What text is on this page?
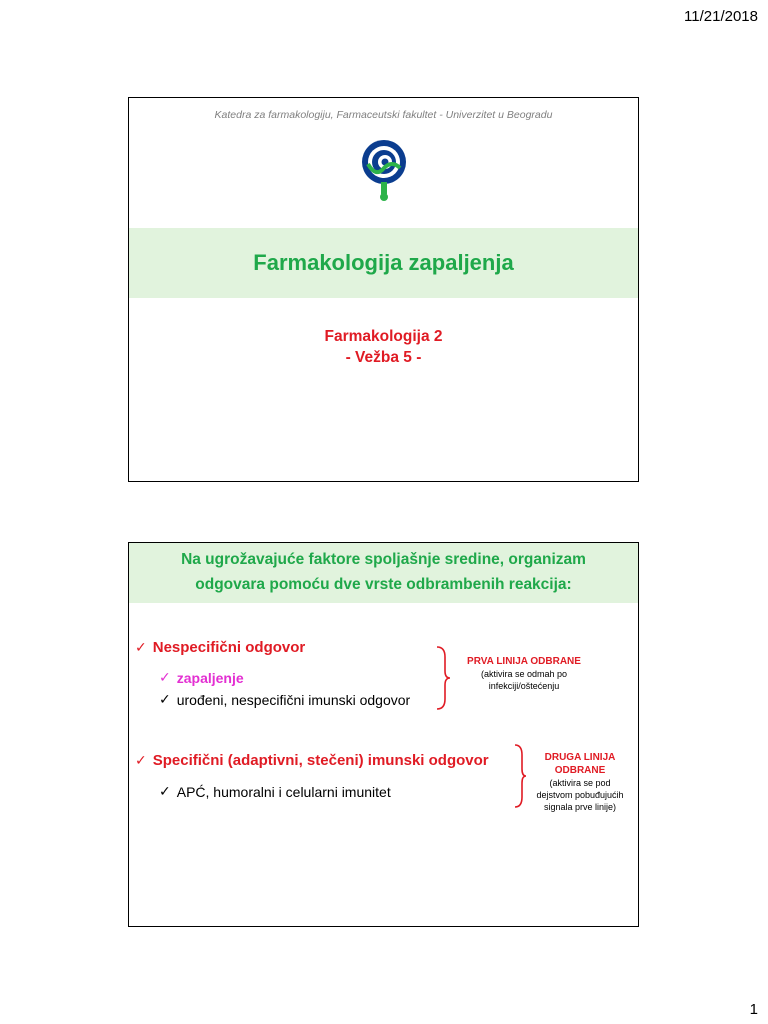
11/21/2018
Katedra za farmakologiju, Farmaceutski fakultet - Univerzitet u Beogradu
Farmakologija zapaljenja
Farmakologija 2
- Vežba 5 -
Na ugrožavajuće faktore spoljašnje sredine, organizam
odgovara pomoću dve vrste odbrambenih reakcija:
✓ Nespecifični odgovor
✓ zapaljenje
✓ urođeni, nespecifični imunski odgovor
PRVA LINIJA ODBRANE
(aktivira se odmah po
infekciji/oštećenju
✓ Specifični (adaptivni, stečeni) imunski odgovor
✓ APĆ, humoralni i celularni imunitet
DRUGA LINIJA
ODBRANE
(aktivira se pod
dejstvom pobuđujućih
signala prve linije)
1
